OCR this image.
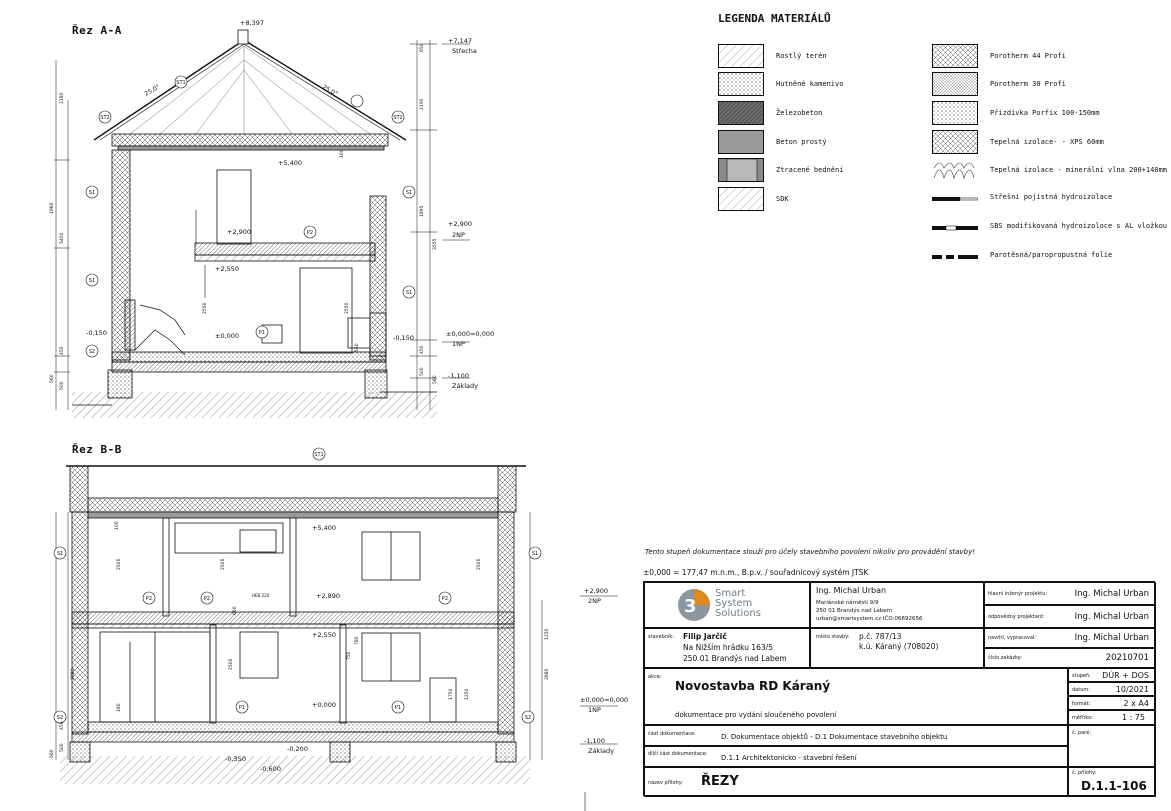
Řez A-A
Řez B-B
ST1
ST2	ST2
S1
S1
S1
S1
S2
P1
P2
+8,397
+7,147
Střecha
+5,400
+2,900
2NP
+2,900
+2,550
±0,000	±0,000=0,000
1NP
-0,150
-0,150
-1,100
Základy
25,0°	25,0°
2180
5400
1960
450
500
560
650
2190
1895
3555
450
500
560
2550	2550
550
100
ST1
S1	S1
P2	P2	P2
P1	P1
S2	S2
+5,400
+2,890
+2,900
2NP
+2,550
+0,000
±0,000=0,000
1NP
-0,200
-0,350
-0,600
-1,100
Základy
HEB 220
2500	2500	2500
2880
2500
2880
1250
750
1750
1250
100
180
650
780
450
500
560
LEGENDA MATERIÁLŮ
Rostlý terén
Hutněné kamenivo
Železobeton
Beton prostý
Ztracené bednění
SDK
Porotherm 44 Profi
Porotherm 30 Profi
Přizdívka Porfix 100-150mm
Tepelná izolace- - XPS 60mm
Tepelná izolace - minerální vlna 200+140mm
Střešní pojistná hydroizolace
SBS modifikovaná hydroizoloce s AL vložkou
Parotěsná/paropropustná folie
Tento stupeň dokumentace slouží pro účely stavebního povolení nikoliv pro provádění stavby!
±0,000 = 177,47 m.n.m., B.p.v. / souřadnicový systém JTSK
3
Smart
System
Solutions
Ing. Michal Urban
Mariánské náměstí 9/9
250 01 Brandýs nad Labem
urban@smartsystem.cz IČO:06692656
hlavní inženýr projektu:	Ing. Michal Urban
odpovědný projektant:	Ing. Michal Urban
stavebník: Filip Jarčič
Na Nižším hrádku 163/5
250 01 Brandýs nad Labem
místo stavby: p.č. 787/13
k.ú. Káraný (708020)
navrhl, vypracoval:	Ing. Michal Urban
číslo zakázky:	20210701
akce:
Novostavba RD Káraný
dokumentace pro vydání sloučeného povolení
stupeň: DÚR + DOS
datum:	10/2021
formát:	2 x A4
měřítko:	1 : 75
část dokumentace:	D. Dokumentace objektů - D.1 Dokumentace stavebního objektu	č. paré:
dílčí část dokumentace: D.1.1 Architektonicko - stavební řešení
název přílohy: ŘEZY
č. přílohy:
D.1.1-106
